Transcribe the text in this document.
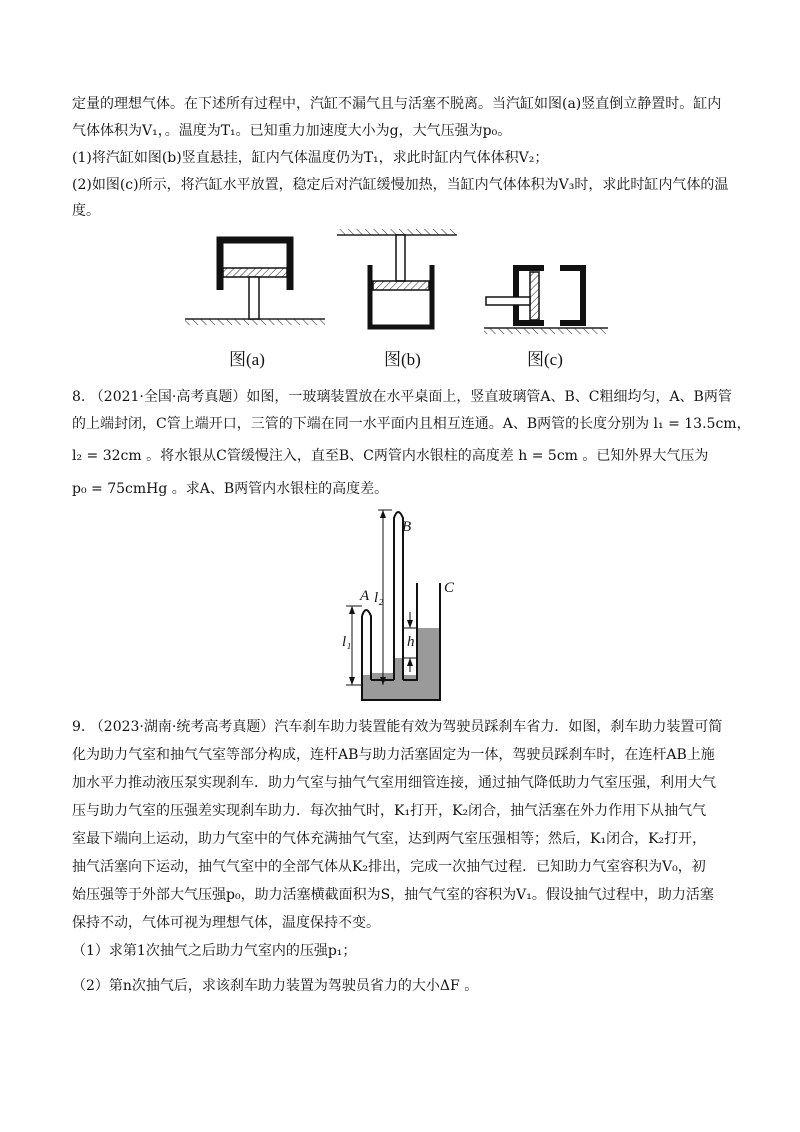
定量的理想气体。在下述所有过程中，汽缸不漏气且与活塞不脱离。当汽缸如图(a)竖直倒立静置时。缸内
气体体积为V₁，。温度为T₁。已知重力加速度大小为g，大气压强为p₀。
(1)将汽缸如图(b)竖直悬挂，缸内气体温度仍为T₁，求此时缸内气体体积V₂；
(2)如图(c)所示，将汽缸水平放置，稳定后对汽缸缓慢加热，当缸内气体体积为V₃时，求此时缸内气体的温
度。
图(a)	图(b)	图(c)
8. （2021·全国·高考真题）如图，一玻璃装置放在水平桌面上，竖直玻璃管A、B、C粗细均匀，A、B两管
的上端封闭，C管上端开口，三管的下端在同一水平面内且相互连通。A、B两管的长度分别为 l₁ = 13.5cm，
l₂ = 32cm 。将水银从C管缓慢注入，直至B、C两管内水银柱的高度差 h = 5cm 。已知外界大气压为
p₀ = 75cmHg 。求A、B两管内水银柱的高度差。
B
C
A l₂
l₁	h
9. （2023·湖南·统考高考真题）汽车刹车助力装置能有效为驾驶员踩刹车省力．如图，刹车助力装置可简
化为助力气室和抽气气室等部分构成，连杆AB与助力活塞固定为一体，驾驶员踩刹车时，在连杆AB上施
加水平力推动液压泵实现刹车．助力气室与抽气气室用细管连接，通过抽气降低助力气室压强，利用大气
压与助力气室的压强差实现刹车助力．每次抽气时，K₁打开，K₂闭合，抽气活塞在外力作用下从抽气气
室最下端向上运动，助力气室中的气体充满抽气气室，达到两气室压强相等；然后，K₁闭合，K₂打开，
抽气活塞向下运动，抽气气室中的全部气体从K₂排出，完成一次抽气过程．已知助力气室容积为V₀，初
始压强等于外部大气压强p₀，助力活塞横截面积为S，抽气气室的容积为V₁。假设抽气过程中，助力活塞
保持不动，气体可视为理想气体，温度保持不变。
（1）求第1次抽气之后助力气室内的压强p₁；
（2）第n次抽气后，求该刹车助力装置为驾驶员省力的大小ΔF 。
